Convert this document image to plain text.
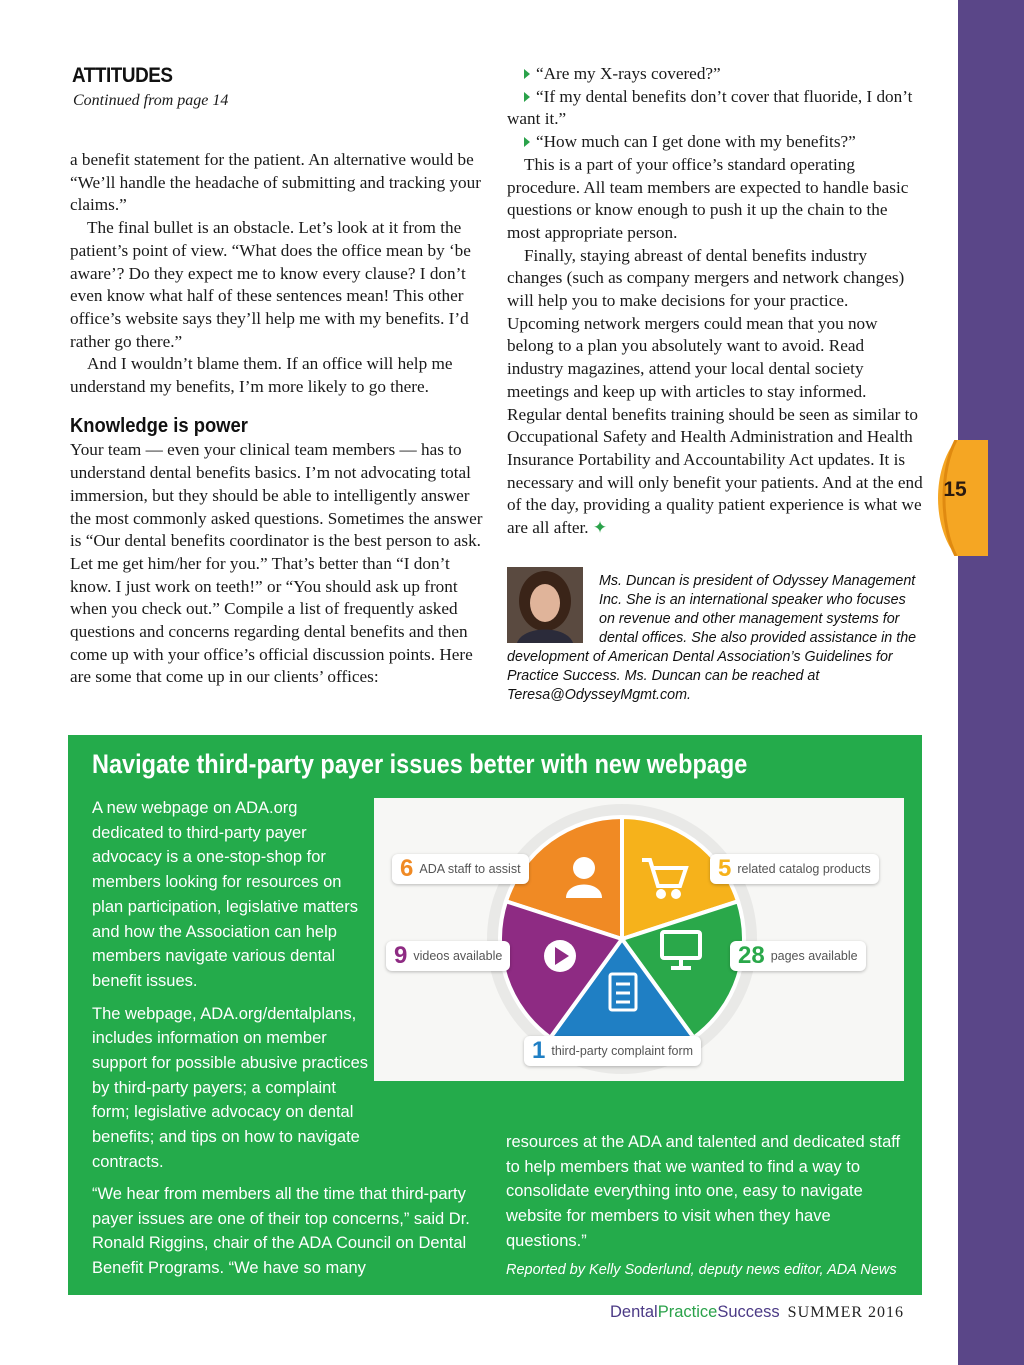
15
ATTITUDES
Continued from page 14

a benefit statement for the patient. An alternative would be “We’ll handle the headache of submitting and tracking your claims.”

The final bullet is an obstacle. Let’s look at it from the patient’s point of view. “What does the office mean by ‘be aware’? Do they expect me to know every clause? I don’t even know what half of these sentences mean! This other office’s website says they’ll help me with my benefits. I’d rather go there.”

And I wouldn’t blame them. If an office will help me understand my benefits, I’m more likely to go there.

Knowledge is power

Your team — even your clinical team members — has to understand dental benefits basics. I’m not advocating total immersion, but they should be able to intelligently answer the most commonly asked questions. Sometimes the answer is “Our dental benefits coordinator is the best person to ask. Let me get him/her for you.” That’s better than “I don’t know. I just work on teeth!” or “You should ask up front when you check out.” Compile a list of frequently asked questions and concerns regarding dental benefits and then come up with your office’s official discussion points. Here are some that come up in our clients’ offices:

“Are my X-rays covered?”

“If my dental benefits don’t cover that fluoride, I don’t want it.”

“How much can I get done with my benefits?”

This is a part of your office’s standard operating procedure. All team members are expected to handle basic questions or know enough to push it up the chain to the most appropriate person.

Finally, staying abreast of dental benefits industry changes (such as company mergers and network changes) will help you to make decisions for your practice. Upcoming network mergers could mean that you now belong to a plan you absolutely want to avoid. Read industry magazines, attend your local dental society meetings and keep up with articles to stay informed. Regular dental benefits training should be seen as similar to Occupational Safety and Health Administration and Health Insurance Portability and Accountability Act updates. It is necessary and will only benefit your patients. And at the end of the day, providing a quality patient experience is what we are all after. ✦

Ms. Duncan is president of Odyssey Management Inc. She is an international speaker who focuses on revenue and other management systems for dental offices. She also provided assistance in the development of American Dental Association’s Guidelines for Practice Success. Ms. Duncan can be reached at Teresa@OdysseyMgmt.com.
Navigate third-party payer issues better with new webpage

A new webpage on ADA.org dedicated to third-party payer advocacy is a one-stop-shop for members looking for resources on plan participation, legislative matters and how the Association can help members navigate various dental benefit issues.

The webpage, ADA.org/dentalplans, includes information on member support for possible abusive practices by third-party payers; a complaint form; legislative advocacy on dental benefits; and tips on how to navigate contracts.

“We hear from members all the time that third-party payer issues are one of their top concerns,” said Dr. Ronald Riggins, chair of the ADA Council on Dental Benefit Programs. “We have so many
resources at the ADA and talented and dedicated staff to help members that we wanted to find a way to consolidate everything into one, easy to navigate website for members to visit when they have questions.”
Reported by Kelly Soderlund, deputy news editor, ADA News
6 ADA staff to assist	5 related catalog products
28 pages available
1 third-party complaint form
9 videos available
DentalPracticeSuccess SUMMER 2016
